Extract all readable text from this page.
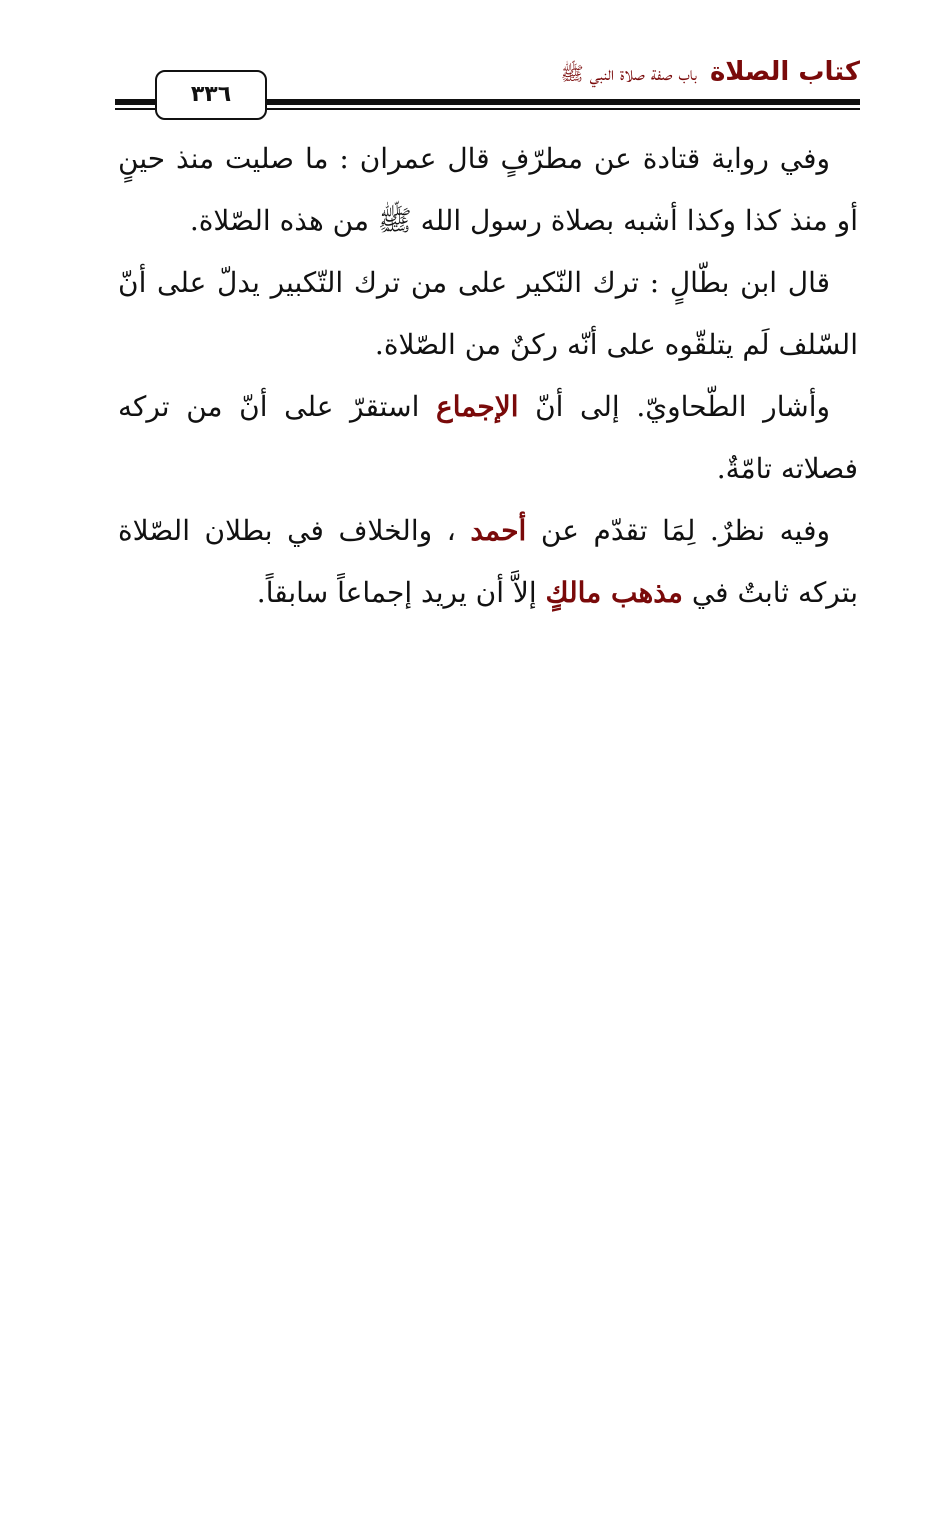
كتاب الصلاة باب صفة صلاة النبي ﷺ
٣٣٦

وفي رواية قتادة عن مطرّفٍ قال عمران : ما صليت منذ حينٍ أو منذ كذا وكذا أشبه بصلاة رسول الله ﷺ من هذه الصّلاة.

قال ابن بطّالٍ : ترك النّكير على من ترك التّكبير يدلّ على أنّ السّلف لَم يتلقّوه على أنّه ركنٌ من الصّلاة.

وأشار الطّحاويّ. إلى أنّ الإجماع استقرّ على أنّ من تركه فصلاته تامّةٌ.

وفيه نظرٌ. لِمَا تقدّم عن أحمد ، والخلاف في بطلان الصّلاة بتركه ثابتٌ في مذهب مالكٍ إلاَّ أن يريد إجماعاً سابقاً.
